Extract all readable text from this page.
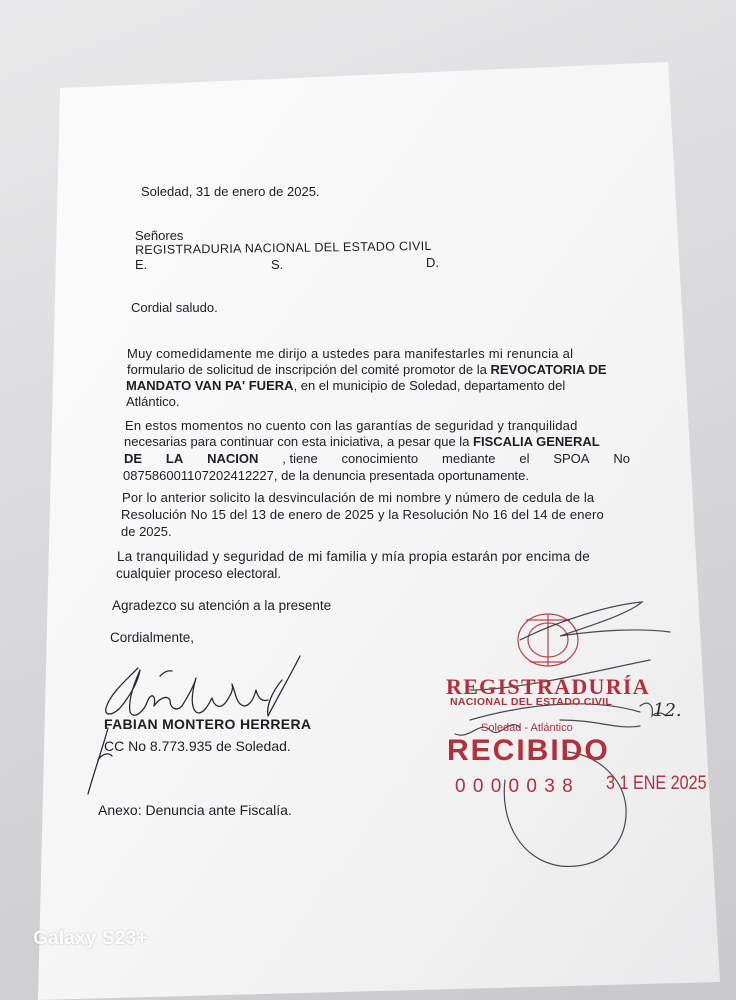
Soledad, 31 de enero de 2025.
Señores
REGISTRADURIA NACIONAL DEL ESTADO CIVIL
E.	S.	D.
Cordial saludo.
Muy comedidamente me dirijo a ustedes para manifestarles mi renuncia al
formulario de solicitud de inscripción del comité promotor de la REVOCATORIA DE
MANDATO VAN PA' FUERA, en el municipio de Soledad, departamento del
Atlántico.
En estos momentos no cuento con las garantías de seguridad y tranquilidad
necesarias para continuar con esta iniciativa, a pesar que la FISCALIA GENERAL
DE LA NACION , tiene conocimiento mediante el SPOA No
087586001107202412227, de la denuncia presentada oportunamente.
Por lo anterior solicito la desvinculación de mi nombre y número de cedula de la
Resolución No 15 del 13 de enero de 2025 y la Resolución No 16 del 14 de enero
de 2025.
La tranquilidad y seguridad de mi familia y mía propia estarán por encima de
cualquier proceso electoral.
Agradezco su atención a la presente
Cordialmente,
FABIAN MONTERO HERRERA
CC No 8.773.935 de Soledad.
Anexo: Denuncia ante Fiscalía.
REGISTRADURÍA
NACIONAL DEL ESTADO CIVIL
Soledad - Atlántico
RECIBIDO
0 0 0 0 0 3 8 3 1 ENE 2025
12.
Galaxy S23+
